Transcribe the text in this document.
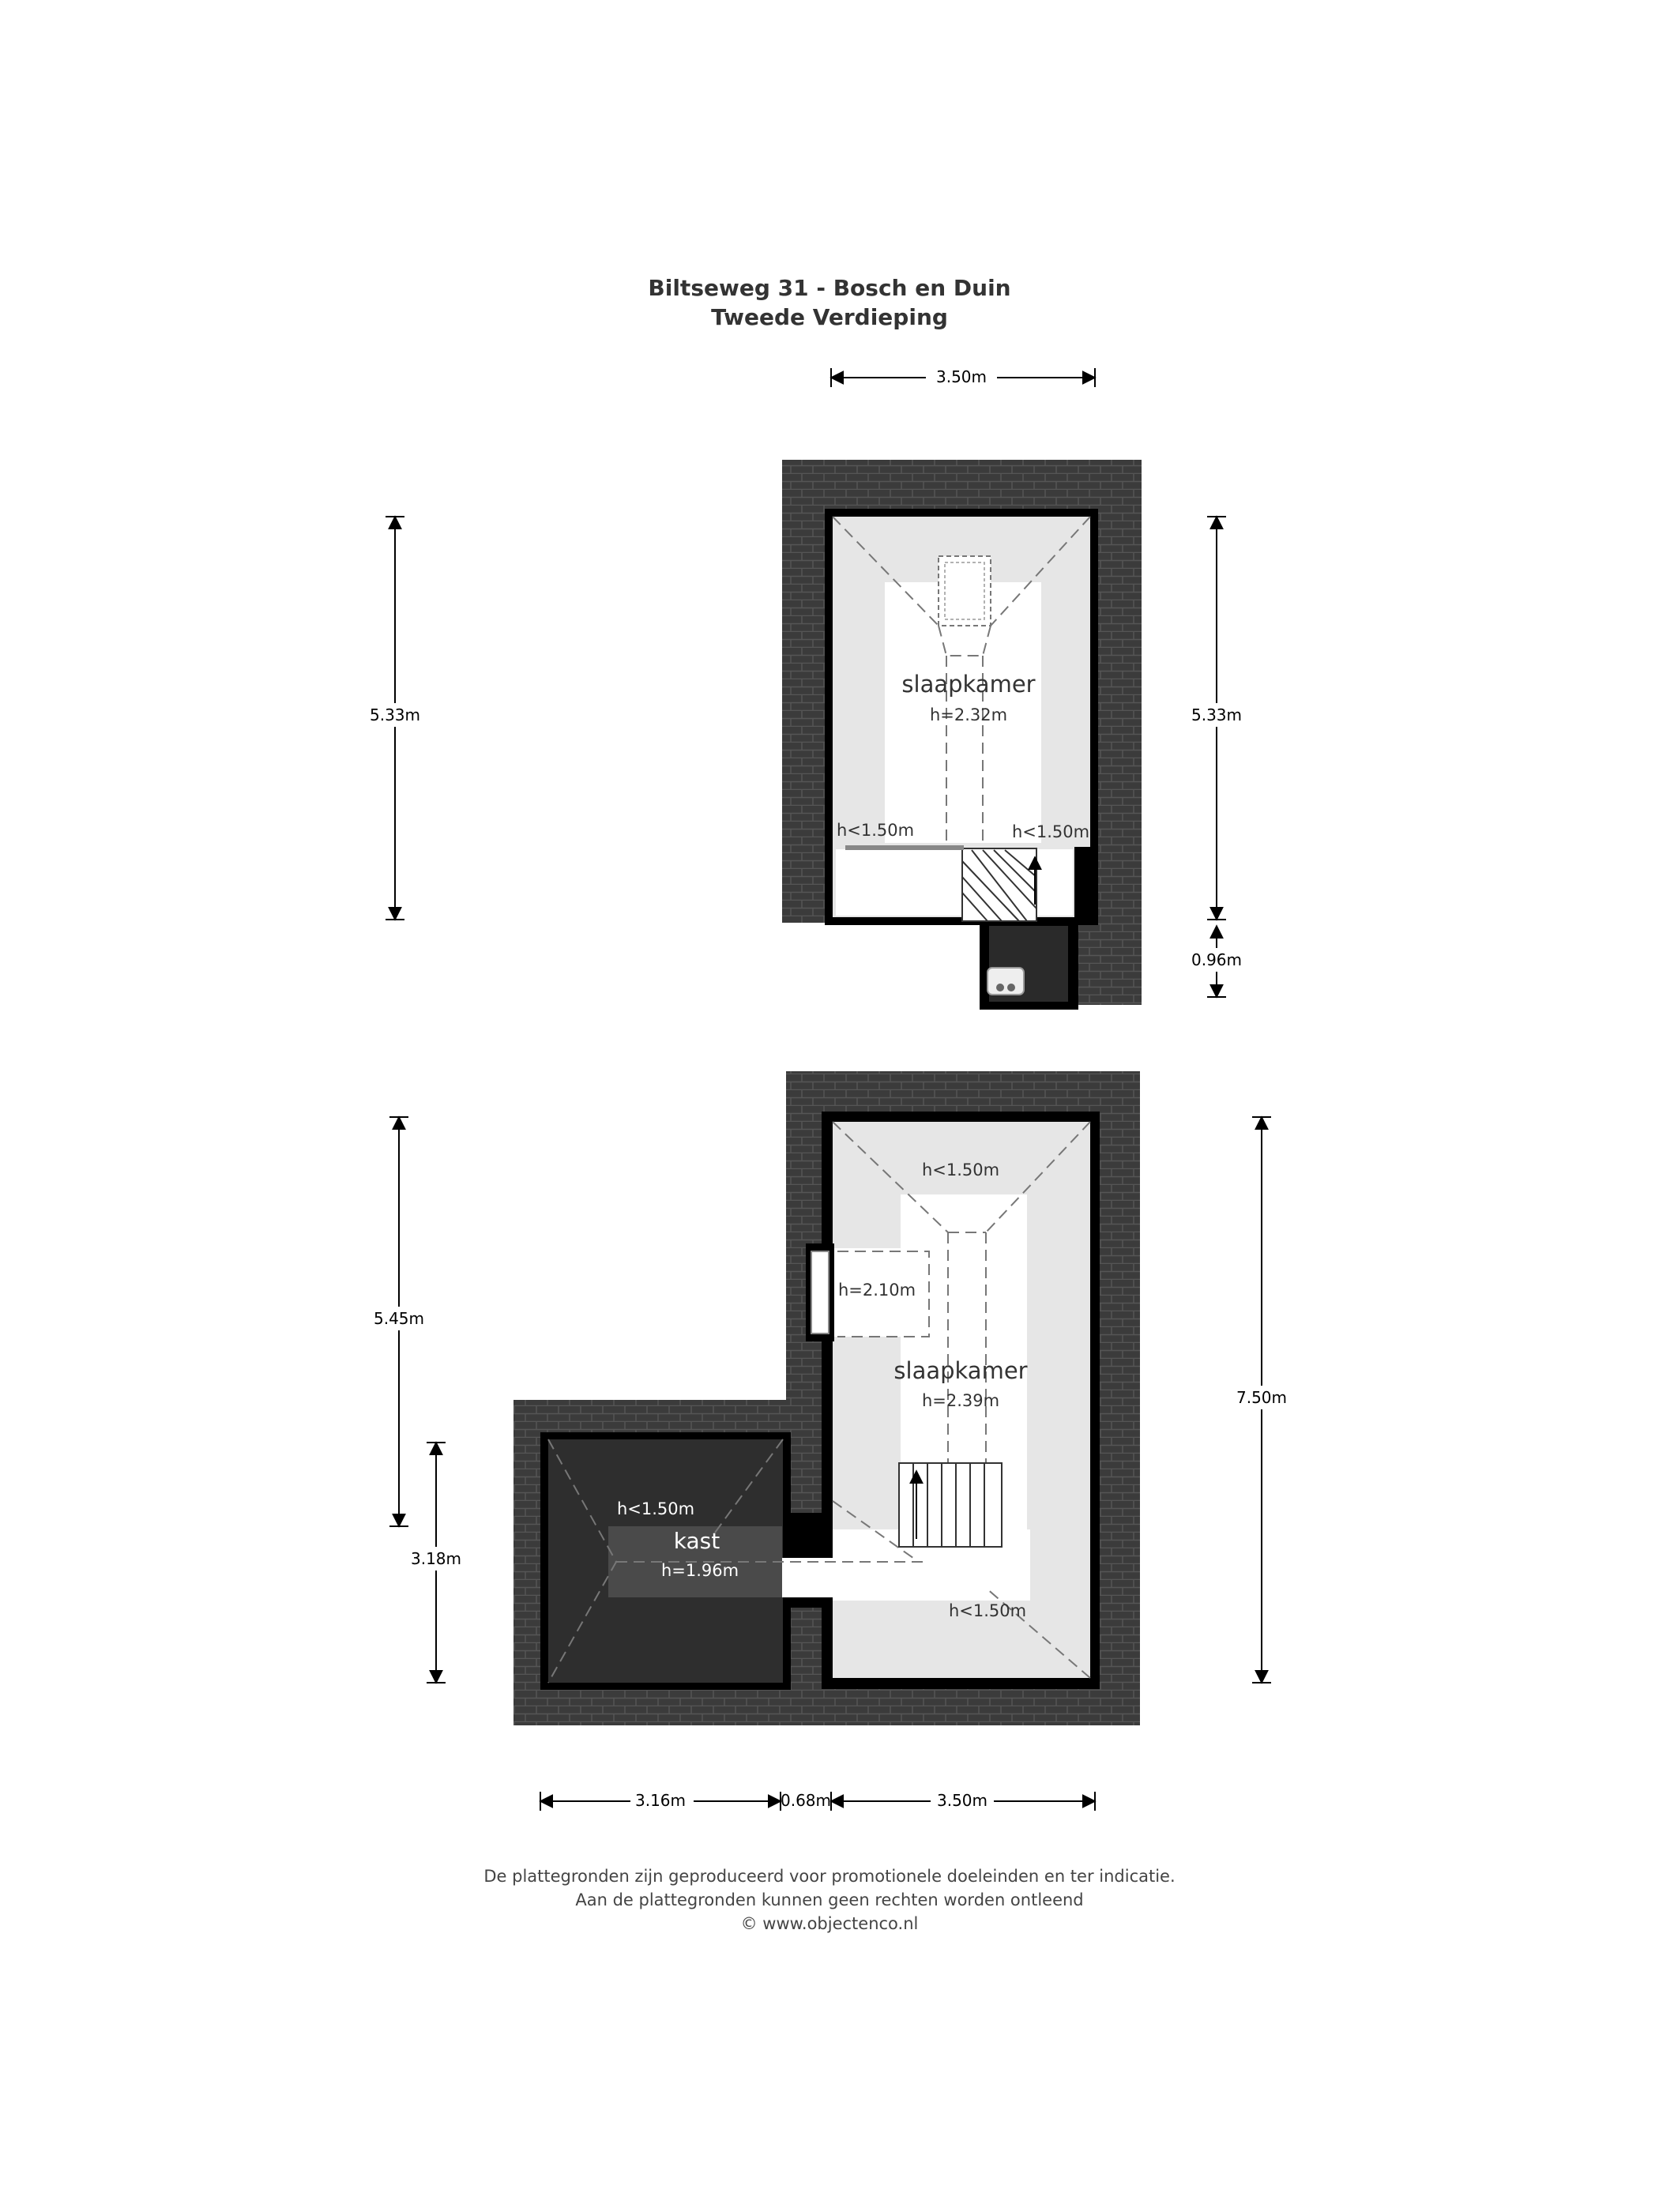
Biltseweg 31 - Bosch en Duin
Tweede Verdieping
slaapkamer
h=2.32m
h<1.50m	h<1.50m
3.50m
5.33m	5.33m
0.96m
h<1.50m
h=2.10m
slaapkamer
h=2.39m
h<1.50m
h<1.50m
kast
h=1.96m
5.45m
3.18m
7.50m
3.16m	0.68m	3.50m
De plattegronden zijn geproduceerd voor promotionele doeleinden en ter indicatie.
Aan de plattegronden kunnen geen rechten worden ontleend
© www.objectenco.nl
